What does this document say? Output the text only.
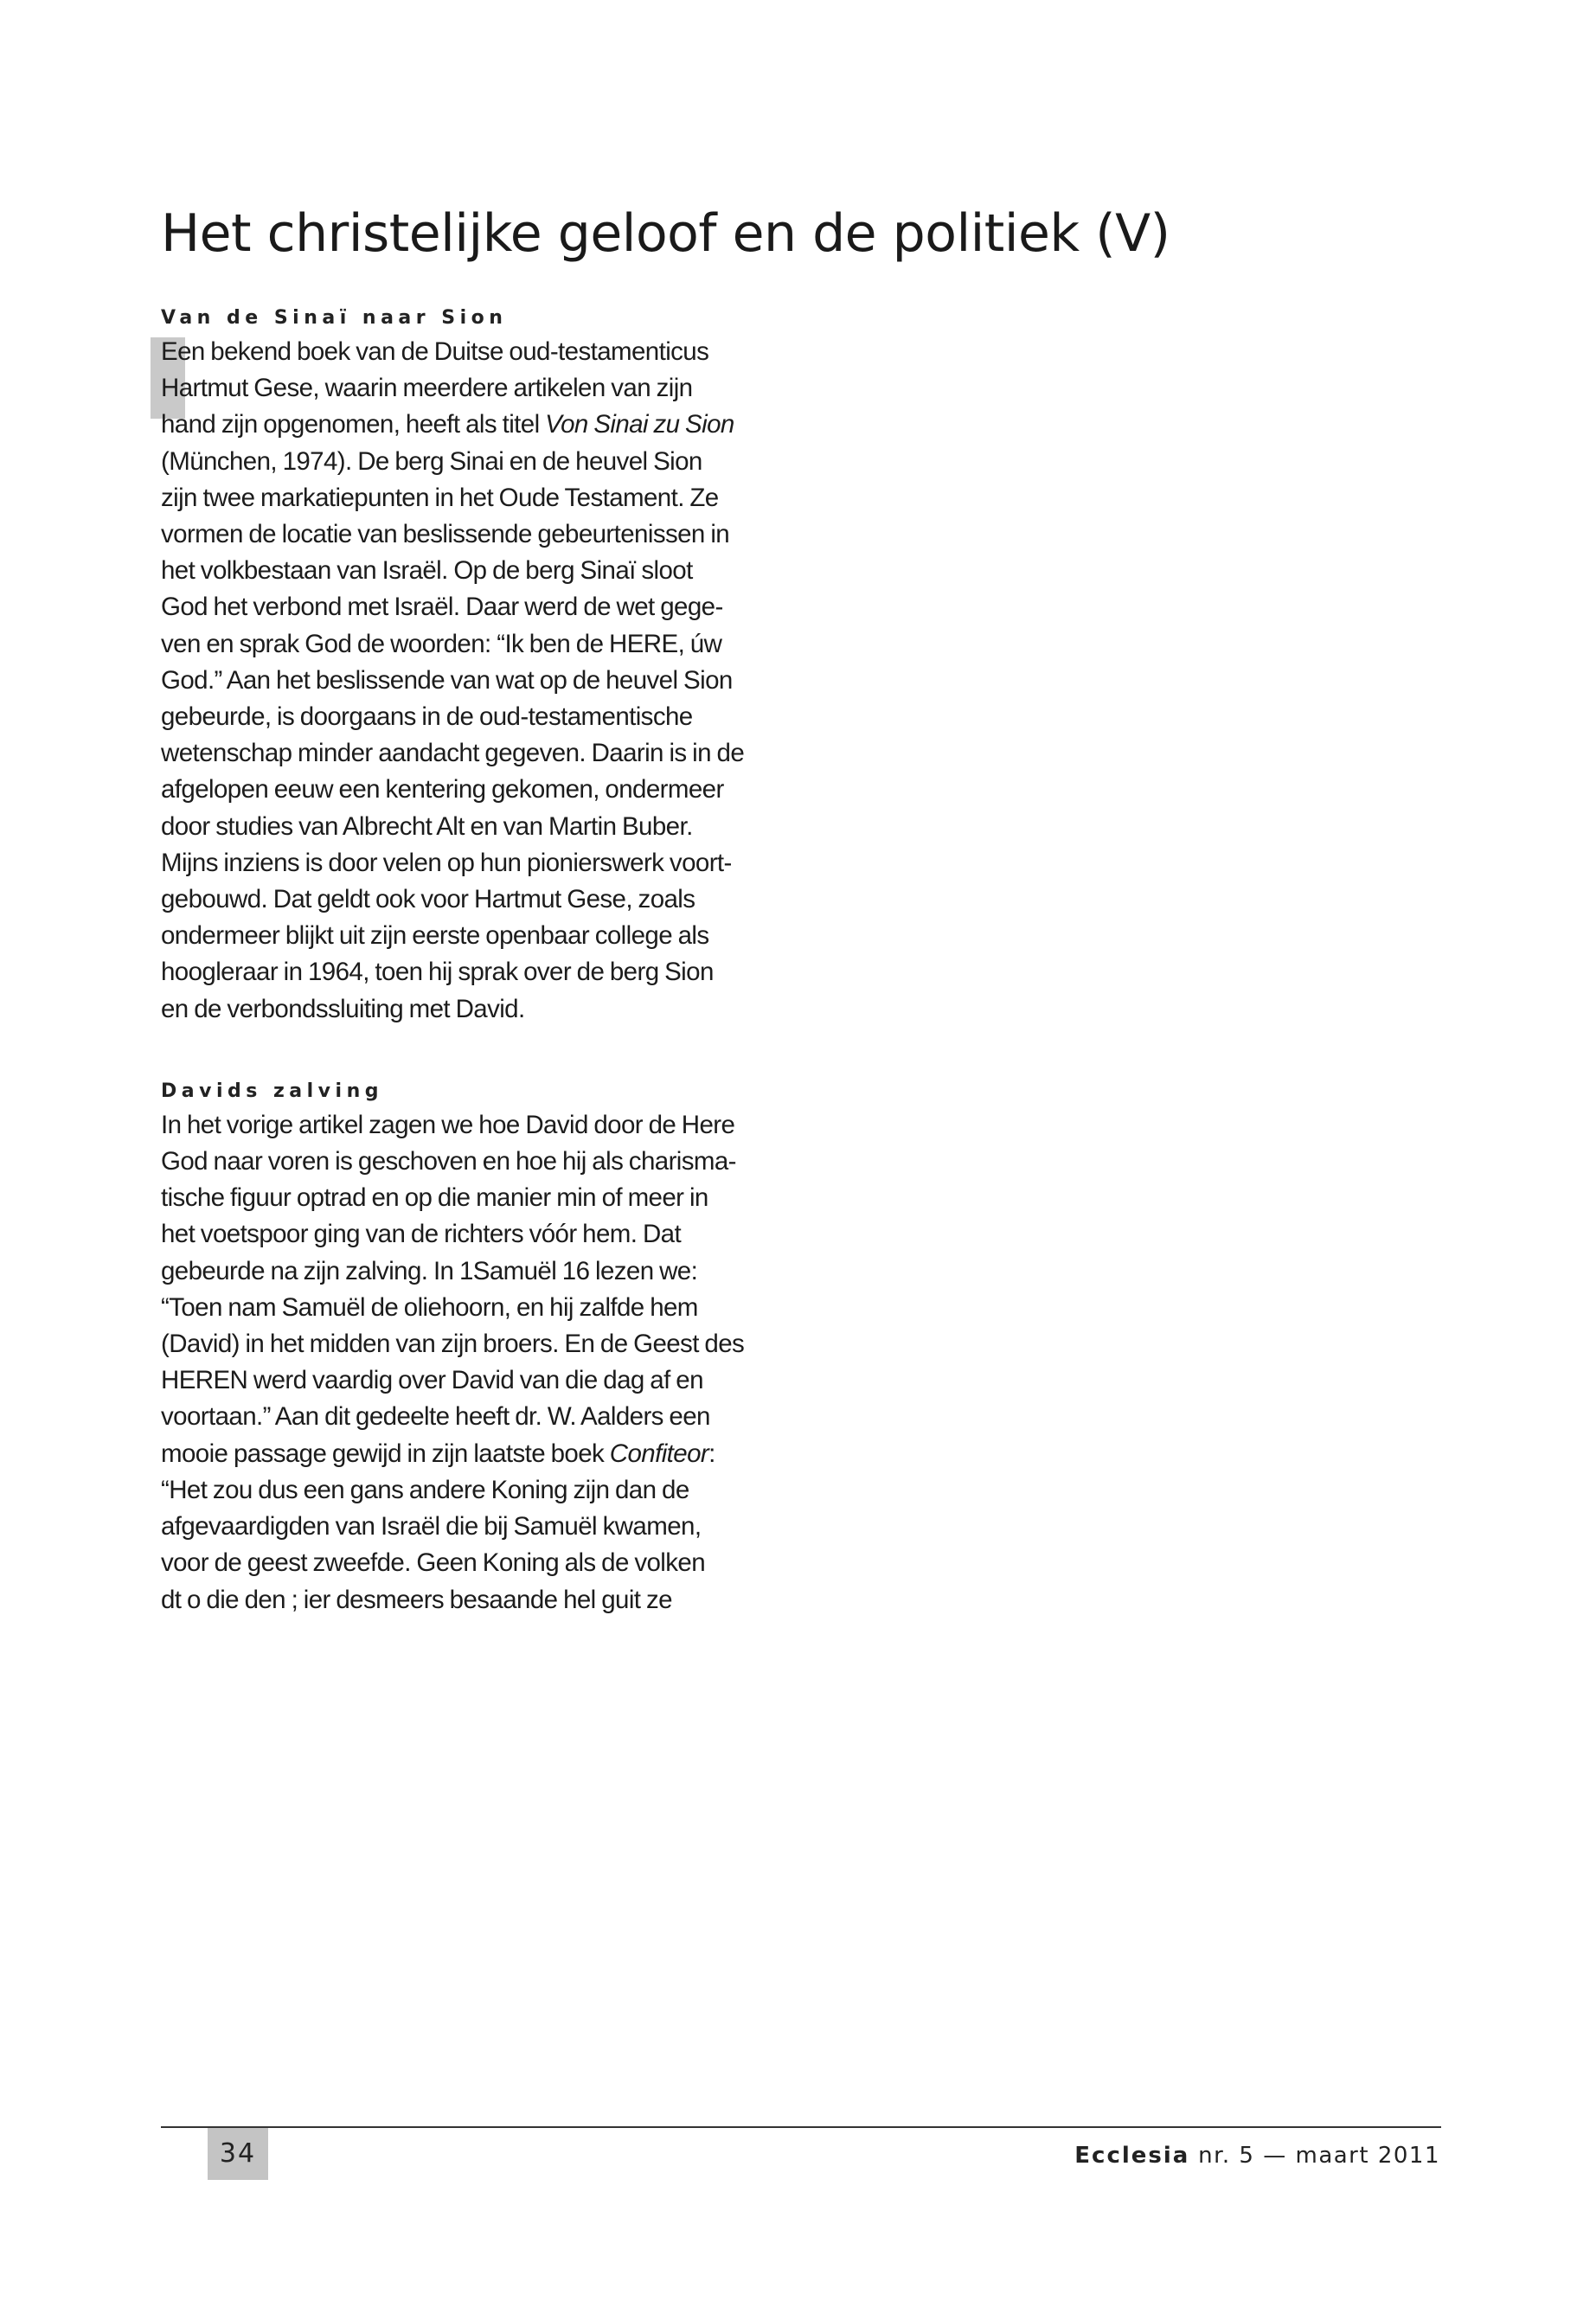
Het christelijke geloof en de politiek (V)
Van de Sinaï naar Sion

Een bekend boek van de Duitse oud-testamenticus
Hartmut Gese, waarin meerdere artikelen van zijn
hand zijn opgenomen, heeft als titel Von Sinai zu Sion
(München, 1974). De berg Sinai en de heuvel Sion
zijn twee markatiepunten in het Oude Testament. Ze
vormen de locatie van beslissende gebeurtenissen in
het volkbestaan van Israël. Op de berg Sinaï sloot
God het verbond met Israël. Daar werd de wet gege-
ven en sprak God de woorden: “Ik ben de HERE, úw
God.” Aan het beslissende van wat op de heuvel Sion
gebeurde, is doorgaans in de oud-testamentische
wetenschap minder aandacht gegeven. Daarin is in de
afgelopen eeuw een kentering gekomen, ondermeer
door studies van Albrecht Alt en van Martin Buber.
Mijns inziens is door velen op hun pionierswerk voort-
gebouwd. Dat geldt ook voor Hartmut Gese, zoals
ondermeer blijkt uit zijn eerste openbaar college als
hoogleraar in 1964, toen hij sprak over de berg Sion
en de verbondssluiting met David.

Davids zalving

In het vorige artikel zagen we hoe David door de Here
God naar voren is geschoven en hoe hij als charisma-
tische figuur optrad en op die manier min of meer in
het voetspoor ging van de richters vóór hem. Dat
gebeurde na zijn zalving. In 1Samuël 16 lezen we:
“Toen nam Samuël de oliehoorn, en hij zalfde hem
(David) in het midden van zijn broers. En de Geest des
HEREN werd vaardig over David van die dag af en
voortaan.” Aan dit gedeelte heeft dr. W. Aalders een
mooie passage gewijd in zijn laatste boek Confiteor:
“Het zou dus een gans andere Koning zijn dan de
afgevaardigden van Israël die bij Samuël kwamen,
voor de geest zweefde. Geen Koning als de volken
dt o die den ; ier desmeers besaande hel guit ze

34	Ecclesia nr. 5 — maart 2011
